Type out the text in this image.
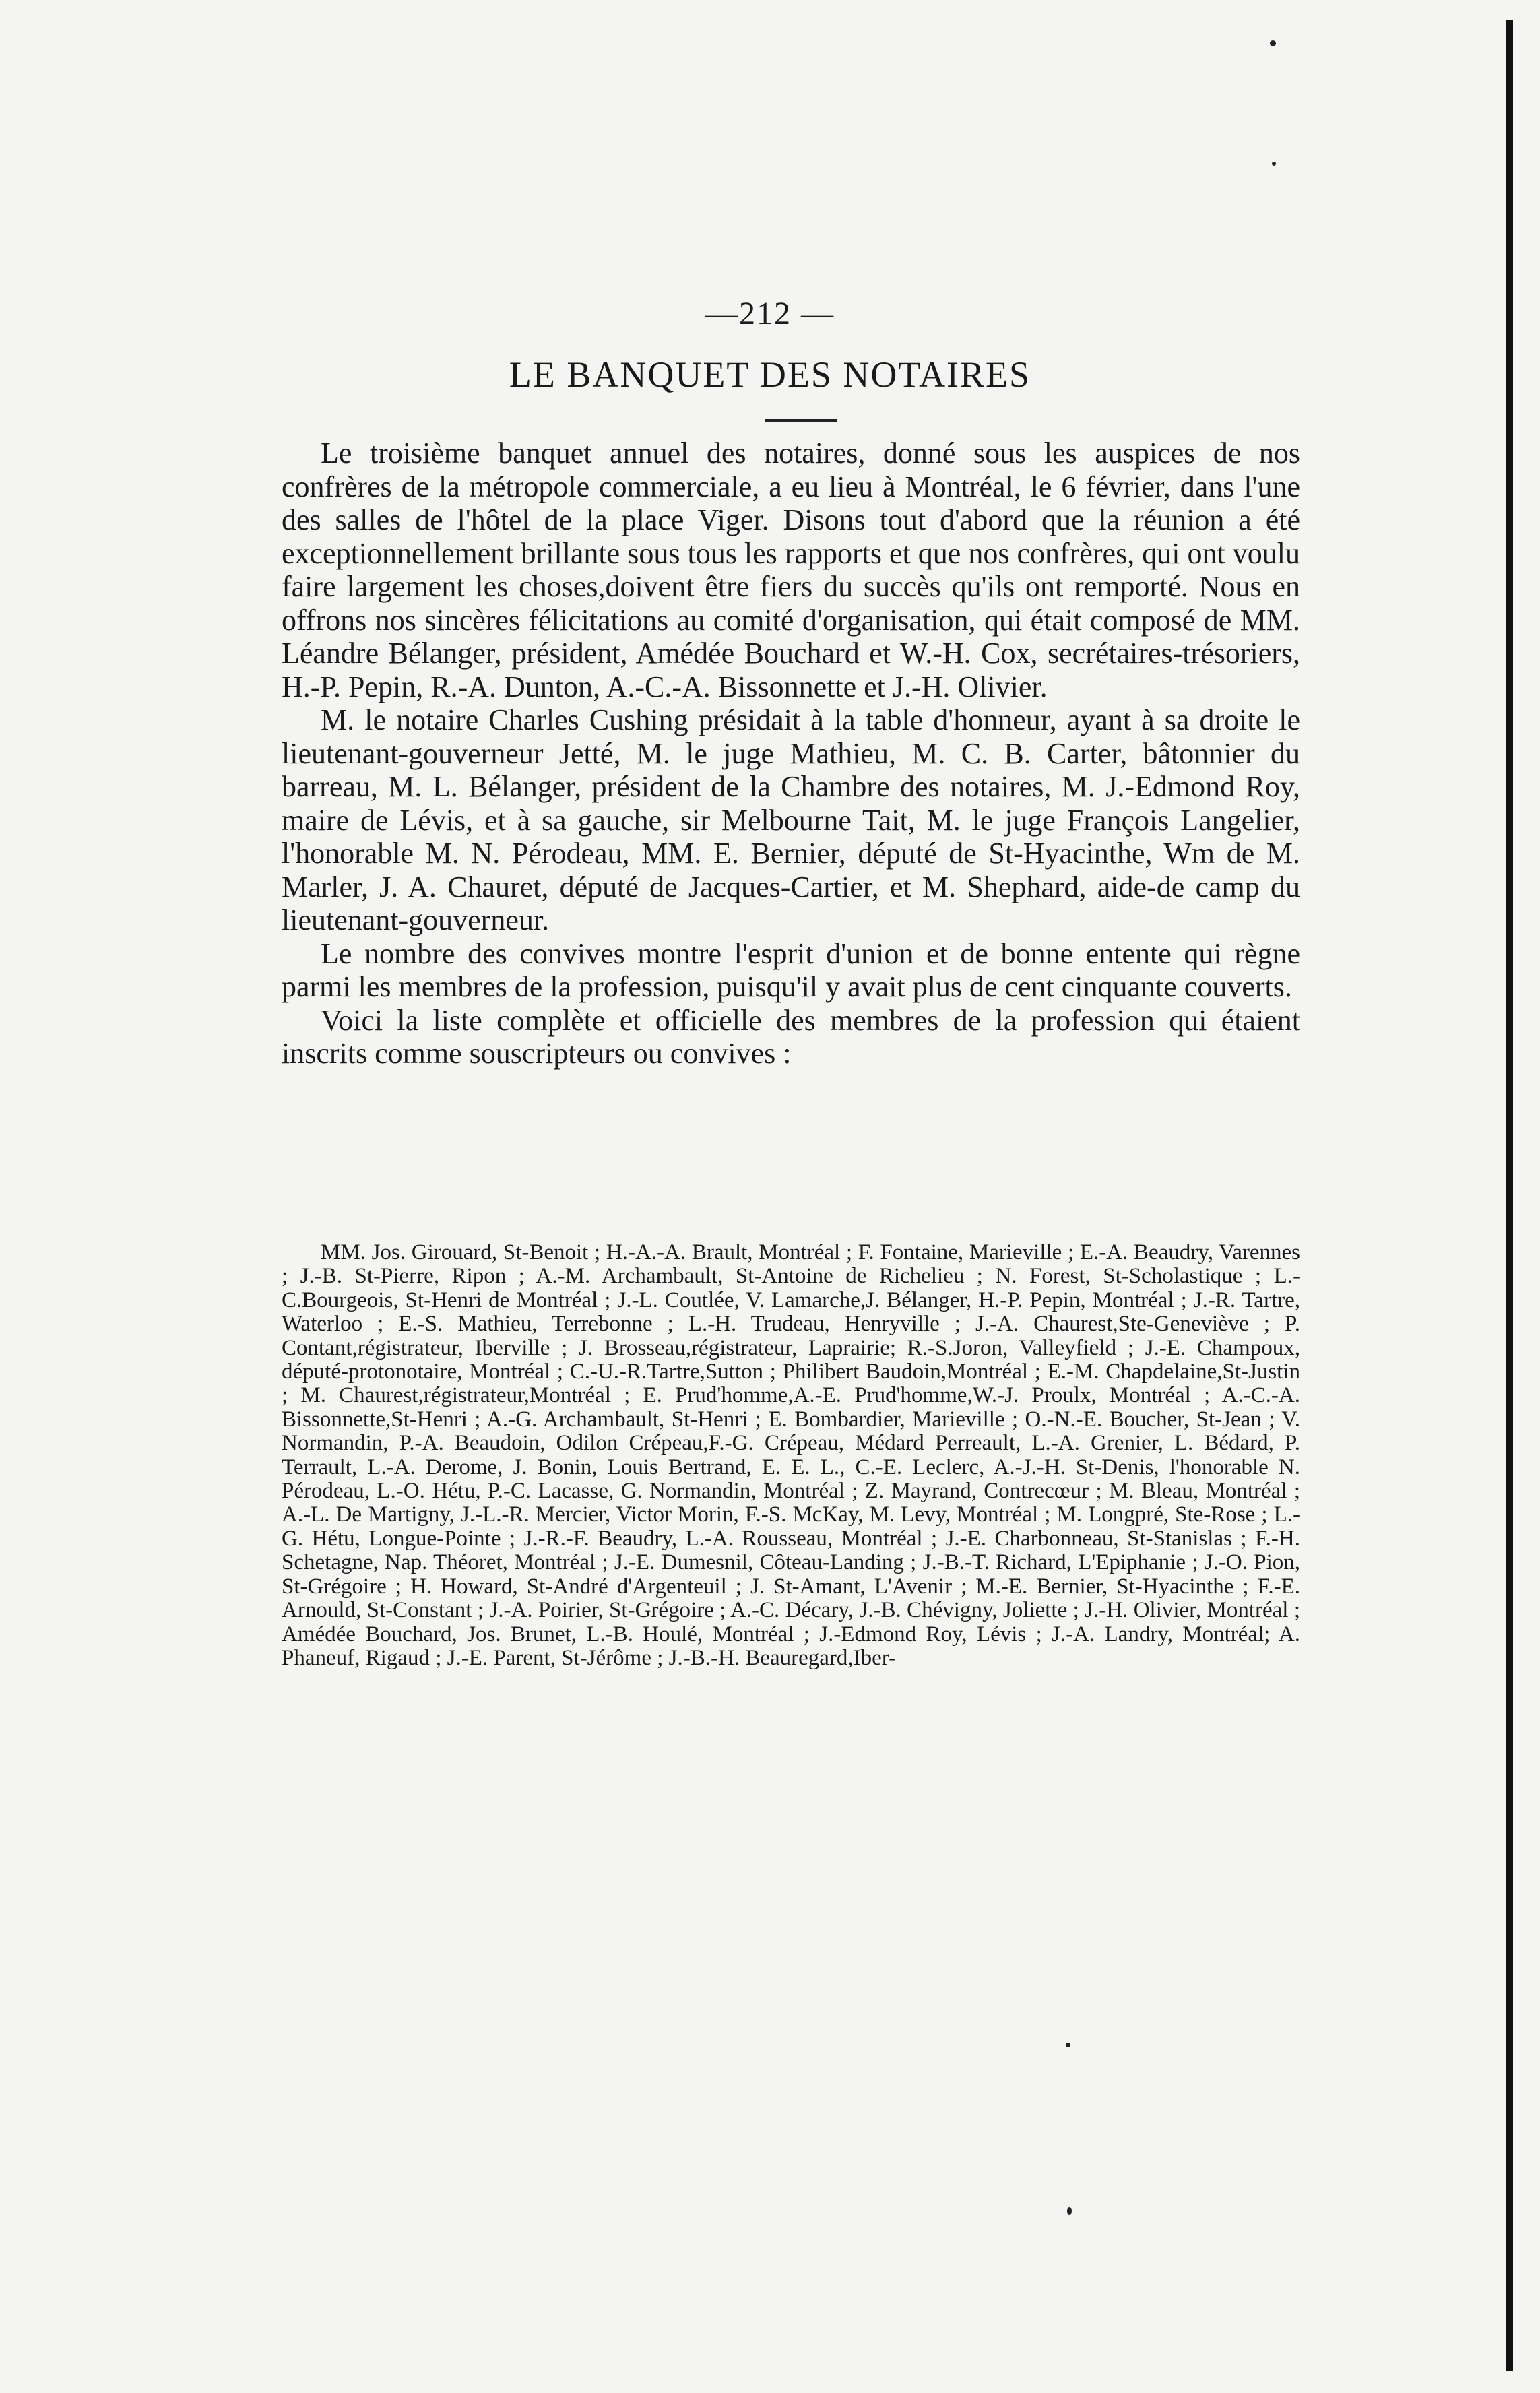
—212 —
LE BANQUET DES NOTAIRES

Le troisième banquet annuel des notaires, donné sous les auspices de nos confrères de la métropole commerciale, a eu lieu à Montréal, le 6 février, dans l'une des salles de l'hôtel de la place Viger. Disons tout d'abord que la réunion a été exceptionnellement brillante sous tous les rapports et que nos confrères, qui ont voulu faire largement les choses,doivent être fiers du succès qu'ils ont remporté. Nous en offrons nos sincères félicitations au comité d'organisation, qui était composé de MM. Léandre Bélanger, président, Amédée Bouchard et W.-H. Cox, secrétaires-trésoriers, H.-P. Pepin, R.-A. Dunton, A.-C.-A. Bissonnette et J.-H. Olivier.

M. le notaire Charles Cushing présidait à la table d'honneur, ayant à sa droite le lieutenant-gouverneur Jetté, M. le juge Mathieu, M. C. B. Carter, bâtonnier du barreau, M. L. Bélanger, président de la Chambre des notaires, M. J.-Edmond Roy, maire de Lévis, et à sa gauche, sir Melbourne Tait, M. le juge François Langelier, l'honorable M. N. Pérodeau, MM. E. Bernier, député de St-Hyacinthe, Wm de M. Marler, J. A. Chauret, député de Jacques-Cartier, et M. Shephard, aide-de camp du lieutenant-gouverneur.

Le nombre des convives montre l'esprit d'union et de bonne entente qui règne parmi les membres de la profession, puisqu'il y avait plus de cent cinquante couverts.

Voici la liste complète et officielle des membres de la profession qui étaient inscrits comme souscripteurs ou convives :

MM. Jos. Girouard, St-Benoit ; H.-A.-A. Brault, Montréal ; F. Fontaine, Marieville ; E.-A. Beaudry, Varennes ; J.-B. St-Pierre, Ripon ; A.-M. Archambault, St-Antoine de Richelieu ; N. Forest, St-Scholastique ; L.-C.Bourgeois, St-Henri de Montréal ; J.-L. Coutlée, V. Lamarche,J. Bélanger, H.-P. Pepin, Montréal ; J.-R. Tartre, Waterloo ; E.-S. Mathieu, Terrebonne ; L.-H. Trudeau, Henryville ; J.-A. Chaurest,Ste-Geneviève ; P. Contant,régistrateur, Iberville ; J. Brosseau,régistrateur, Laprairie; R.-S.Joron, Valleyfield ; J.-E. Champoux, député-protonotaire, Montréal ; C.-U.-R.Tartre,Sutton ; Philibert Baudoin,Montréal ; E.-M. Chapdelaine,St-Justin ; M. Chaurest,régistrateur,Montréal ; E. Prud'homme,A.-E. Prud'homme,W.-J. Proulx, Montréal ; A.-C.-A. Bissonnette,St-Henri ; A.-G. Archambault, St-Henri ; E. Bombardier, Marieville ; O.-N.-E. Boucher, St-Jean ; V. Normandin, P.-A. Beaudoin, Odilon Crépeau,F.-G. Crépeau, Médard Perreault, L.-A. Grenier, L. Bédard, P. Terrault, L.-A. Derome, J. Bonin, Louis Bertrand, E. E. L., C.-E. Leclerc, A.-J.-H. St-Denis, l'honorable N. Pérodeau, L.-O. Hétu, P.-C. Lacasse, G. Normandin, Montréal ; Z. Mayrand, Contrecœur ; M. Bleau, Montréal ; A.-L. De Martigny, J.-L.-R. Mercier, Victor Morin, F.-S. McKay, M. Levy, Montréal ; M. Longpré, Ste-Rose ; L.-G. Hétu, Longue-Pointe ; J.-R.-F. Beaudry, L.-A. Rousseau, Montréal ; J.-E. Charbonneau, St-Stanislas ; F.-H. Schetagne, Nap. Théoret, Montréal ; J.-E. Dumesnil, Côteau-Landing ; J.-B.-T. Richard, L'Epiphanie ; J.-O. Pion, St-Grégoire ; H. Howard, St-André d'Argenteuil ; J. St-Amant, L'Avenir ; M.-E. Bernier, St-Hyacinthe ; F.-E. Arnould, St-Constant ; J.-A. Poirier, St-Grégoire ; A.-C. Décary, J.-B. Chévigny, Joliette ; J.-H. Olivier, Montréal ; Amédée Bouchard, Jos. Brunet, L.-B. Houlé, Montréal ; J.-Edmond Roy, Lévis ; J.-A. Landry, Montréal; A. Phaneuf, Rigaud ; J.-E. Parent, St-Jérôme ; J.-B.-H. Beauregard,Iber-
